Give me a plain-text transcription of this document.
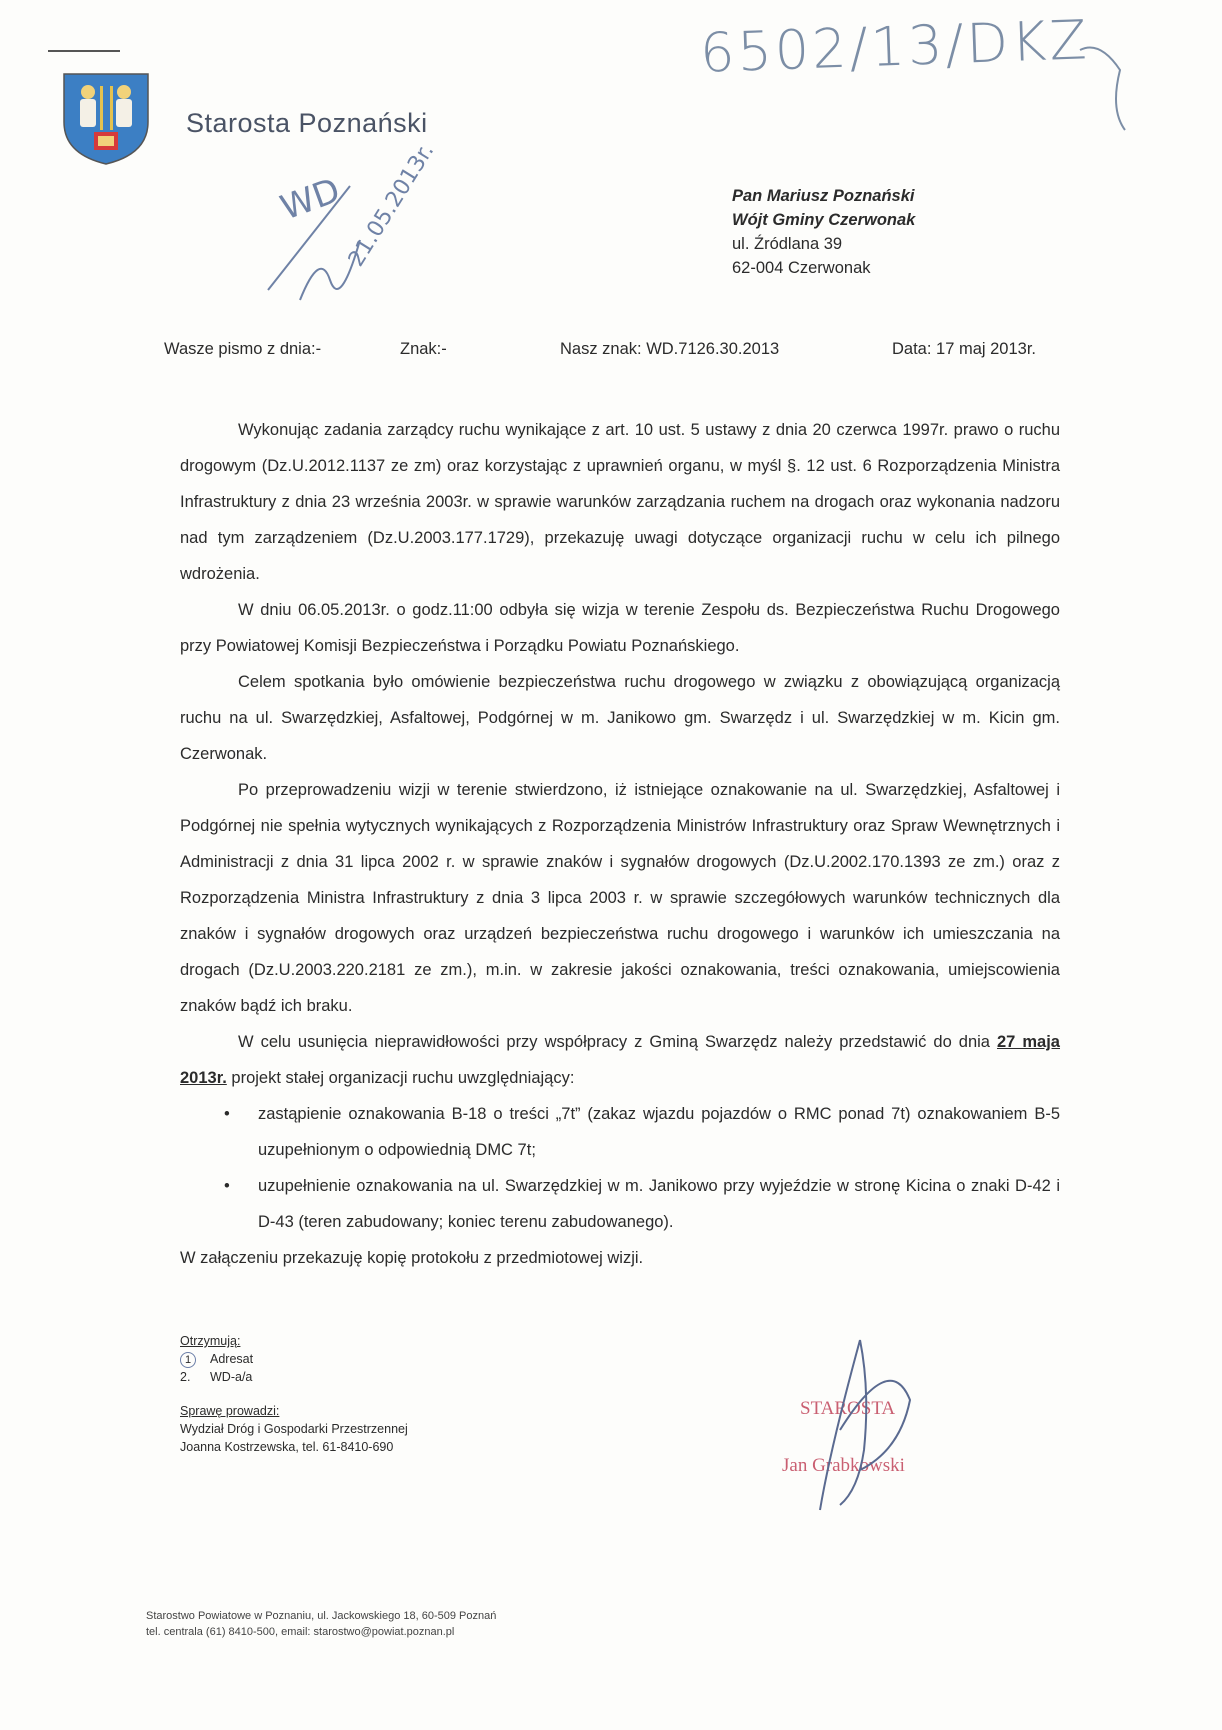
Starosta Poznański
6502/13/DKZ
WD
21.05.2013r.	Pan Mariusz Poznański
Wójt Gminy Czerwonak
ul. Źródlana 39
62-004 Czerwonak
Wasze pismo z dnia:-	Znak:-	Nasz znak: WD.7126.30.2013	Data: 17 maj 2013r.

Wykonując zadania zarządcy ruchu wynikające z art. 10 ust. 5 ustawy z dnia 20 czerwca 1997r. prawo o ruchu drogowym (Dz.U.2012.1137 ze zm) oraz korzystając z uprawnień organu, w myśl §. 12 ust. 6 Rozporządzenia Ministra Infrastruktury z dnia 23 września 2003r. w sprawie warunków zarządzania ruchem na drogach oraz wykonania nadzoru nad tym zarządzeniem (Dz.U.2003.177.1729), przekazuję uwagi dotyczące organizacji ruchu w celu ich pilnego wdrożenia.

W dniu 06.05.2013r. o godz.11:00 odbyła się wizja w terenie Zespołu ds. Bezpieczeństwa Ruchu Drogowego przy Powiatowej Komisji Bezpieczeństwa i Porządku Powiatu Poznańskiego.

Celem spotkania było omówienie bezpieczeństwa ruchu drogowego w związku z obowiązującą organizacją ruchu na ul. Swarzędzkiej, Asfaltowej, Podgórnej w m. Janikowo gm. Swarzędz i ul. Swarzędzkiej w m. Kicin gm. Czerwonak.

Po przeprowadzeniu wizji w terenie stwierdzono, iż istniejące oznakowanie na ul. Swarzędzkiej, Asfaltowej i Podgórnej nie spełnia wytycznych wynikających z Rozporządzenia Ministrów Infrastruktury oraz Spraw Wewnętrznych i Administracji z dnia 31 lipca 2002 r. w sprawie znaków i sygnałów drogowych (Dz.U.2002.170.1393 ze zm.) oraz z Rozporządzenia Ministra Infrastruktury z dnia 3 lipca 2003 r. w sprawie szczegółowych warunków technicznych dla znaków i sygnałów drogowych oraz urządzeń bezpieczeństwa ruchu drogowego i warunków ich umieszczania na drogach (Dz.U.2003.220.2181 ze zm.), m.in. w zakresie jakości oznakowania, treści oznakowania, umiejscowienia znaków bądź ich braku.

W celu usunięcia nieprawidłowości przy współpracy z Gminą Swarzędz należy przedstawić do dnia 27 maja 2013r. projekt stałej organizacji ruchu uwzględniający:

• zastąpienie oznakowania B-18 o treści „7t” (zakaz wjazdu pojazdów o RMC ponad 7t) oznakowaniem B-5 uzupełnionym o odpowiednią DMC 7t;
• uzupełnienie oznakowania na ul. Swarzędzkiej w m. Janikowo przy wyjeździe w stronę Kicina o znaki D-42 i D-43 (teren zabudowany; koniec terenu zabudowanego).

W załączeniu przekazuję kopię protokołu z przedmiotowej wizji.

Otrzymują:
1 Adresat
2. WD-a/a
Sprawę prowadzi:
Wydział Dróg i Gospodarki Przestrzennej
Joanna Kostrzewska, tel. 61-8410-690
STAROSTA
Jan Grabkowski
Starostwo Powiatowe w Poznaniu, ul. Jackowskiego 18, 60-509 Poznań
tel. centrala (61) 8410-500, email: starostwo@powiat.poznan.pl
